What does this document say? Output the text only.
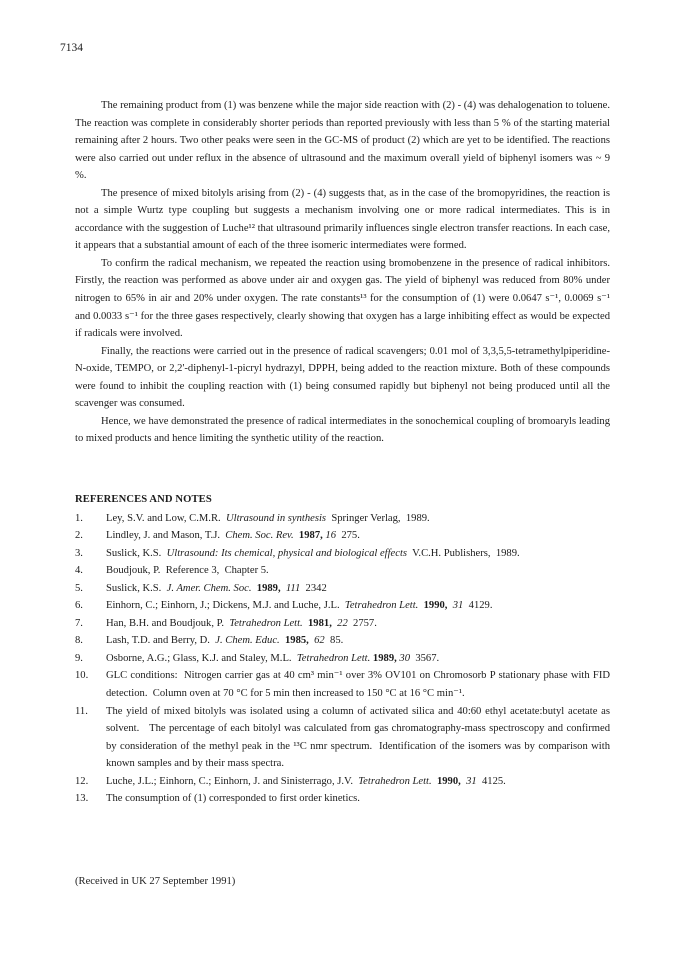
7134

The remaining product from (1) was benzene while the major side reaction with (2) - (4) was dehalogenation to toluene. The reaction was complete in considerably shorter periods than reported previously with less than 5 % of the starting material remaining after 2 hours. Two other peaks were seen in the GC-MS of product (2) which are yet to be identified. The reactions were also carried out under reflux in the absence of ultrasound and the maximum overall yield of biphenyl isomers was ~ 9 %.

The presence of mixed bitolyls arising from (2) - (4) suggests that, as in the case of the bromopyridines, the reaction is not a simple Wurtz type coupling but suggests a mechanism involving one or more radical intermediates. This is in accordance with the suggestion of Luche¹² that ultrasound primarily influences single electron transfer reactions. In each case, it appears that a substantial amount of each of the three isomeric intermediates were formed.

To confirm the radical mechanism, we repeated the reaction using bromobenzene in the presence of radical inhibitors. Firstly, the reaction was performed as above under air and oxygen gas. The yield of biphenyl was reduced from 80% under nitrogen to 65% in air and 20% under oxygen. The rate constants¹³ for the consumption of (1) were 0.0647 s⁻¹, 0.0069 s⁻¹ and 0.0033 s⁻¹ for the three gases respectively, clearly showing that oxygen has a large inhibiting effect as would be expected if radicals were involved.

Finally, the reactions were carried out in the presence of radical scavengers; 0.01 mol of 3,3,5,5-tetramethylpiperidine-N-oxide, TEMPO, or 2,2'-diphenyl-1-picryl hydrazyl, DPPH, being added to the reaction mixture. Both of these compounds were found to inhibit the coupling reaction with (1) being consumed rapidly but biphenyl not being produced until all the scavenger was consumed.

Hence, we have demonstrated the presence of radical intermediates in the sonochemical coupling of bromoaryls leading to mixed products and hence limiting the synthetic utility of the reaction.

REFERENCES AND NOTES
1.	Ley, S.V. and Low, C.M.R.  Ultrasound in synthesis  Springer Verlag,  1989.
2.	Lindley, J. and Mason, T.J.  Chem. Soc. Rev. 1987, 16  275.
3.	Suslick, K.S.  Ultrasound: Its chemical, physical and biological effects  V.C.H. Publishers,  1989.
4.	Boudjouk, P.  Reference 3,  Chapter 5.
5.	Suslick, K.S.  J. Amer. Chem. Soc. 1989, 111  2342
6.	Einhorn, C.; Einhorn, J.; Dickens, M.J. and Luche, J.L.  Tetrahedron Lett. 1990, 31  4129.
7.	Han, B.H. and Boudjouk, P.  Tetrahedron Lett. 1981, 22  2757.
8.	Lash, T.D. and Berry, D.  J. Chem. Educ. 1985, 62  85.
9.	Osborne, A.G.; Glass, K.J. and Staley, M.L.  Tetrahedron Lett. 1989, 30  3567.
10.	GLC conditions:  Nitrogen carrier gas at 40 cm³ min⁻¹ over 3% OV101 on Chromosorb P stationary phase with FID detection.  Column oven at 70 °C for 5 min then increased to 150 °C at 16 °C min⁻¹.
11.	The yield of mixed bitolyls was isolated using a column of activated silica and 40:60 ethyl acetate:butyl acetate as solvent.   The percentage of each bitolyl was calculated from gas chromatography-mass spectroscopy and confirmed by consideration of the methyl peak in the ¹³C nmr spectrum.  Identification of the isomers was by comparison with known samples and by their mass spectra.
12.	Luche, J.L.; Einhorn, C.; Einhorn, J. and Sinisterrago, J.V.  Tetrahedron Lett. 1990, 31  4125.
13.	The consumption of (1) corresponded to first order kinetics.
(Received in UK 27 September 1991)
